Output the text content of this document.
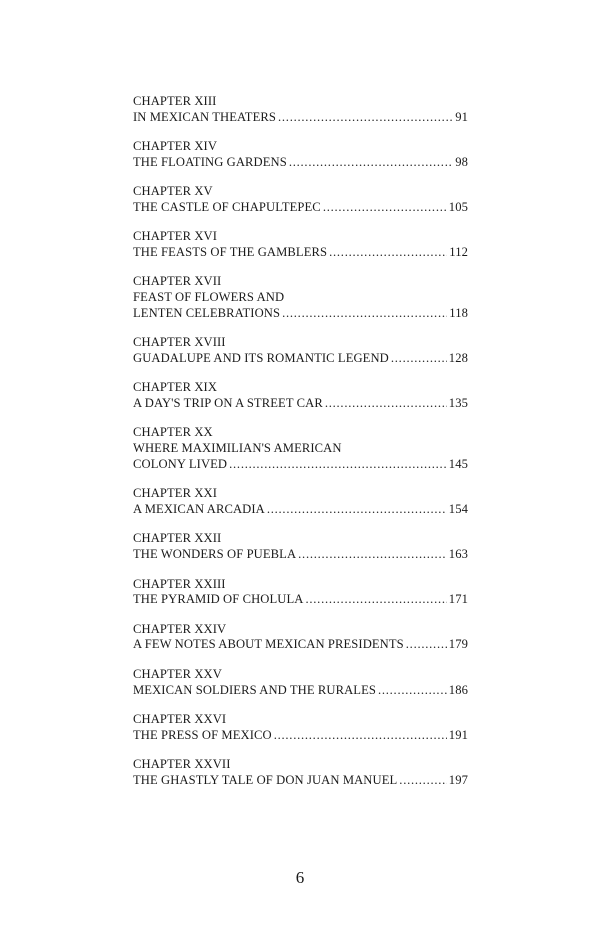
CHAPTER XIII
IN MEXICAN THEATERS . . .	91
CHAPTER XIV
THE FLOATING GARDENS . . .	98
CHAPTER XV
THE CASTLE OF CHAPULTEPEC . . .	105
CHAPTER XVI
THE FEASTS OF THE GAMBLERS . . .	112
CHAPTER XVII
FEAST OF FLOWERS AND
LENTEN CELEBRATIONS . . .	118
CHAPTER XVIII
GUADALUPE AND ITS ROMANTIC LEGEND . . .	128
CHAPTER XIX
A DAY'S TRIP ON A STREET CAR . . .	135
CHAPTER XX
WHERE MAXIMILIAN'S AMERICAN
COLONY LIVED . . .	145
CHAPTER XXI
A MEXICAN ARCADIA . . .	154
CHAPTER XXII
THE WONDERS OF PUEBLA . . .	163
CHAPTER XXIII
THE PYRAMID OF CHOLULA . . .	171
CHAPTER XXIV
A FEW NOTES ABOUT MEXICAN PRESIDENTS . . .	179
CHAPTER XXV
MEXICAN SOLDIERS AND THE RURALES . . .	186
CHAPTER XXVI
THE PRESS OF MEXICO . . .	191
CHAPTER XXVII
THE GHASTLY TALE OF DON JUAN MANUEL . . .	197
6
